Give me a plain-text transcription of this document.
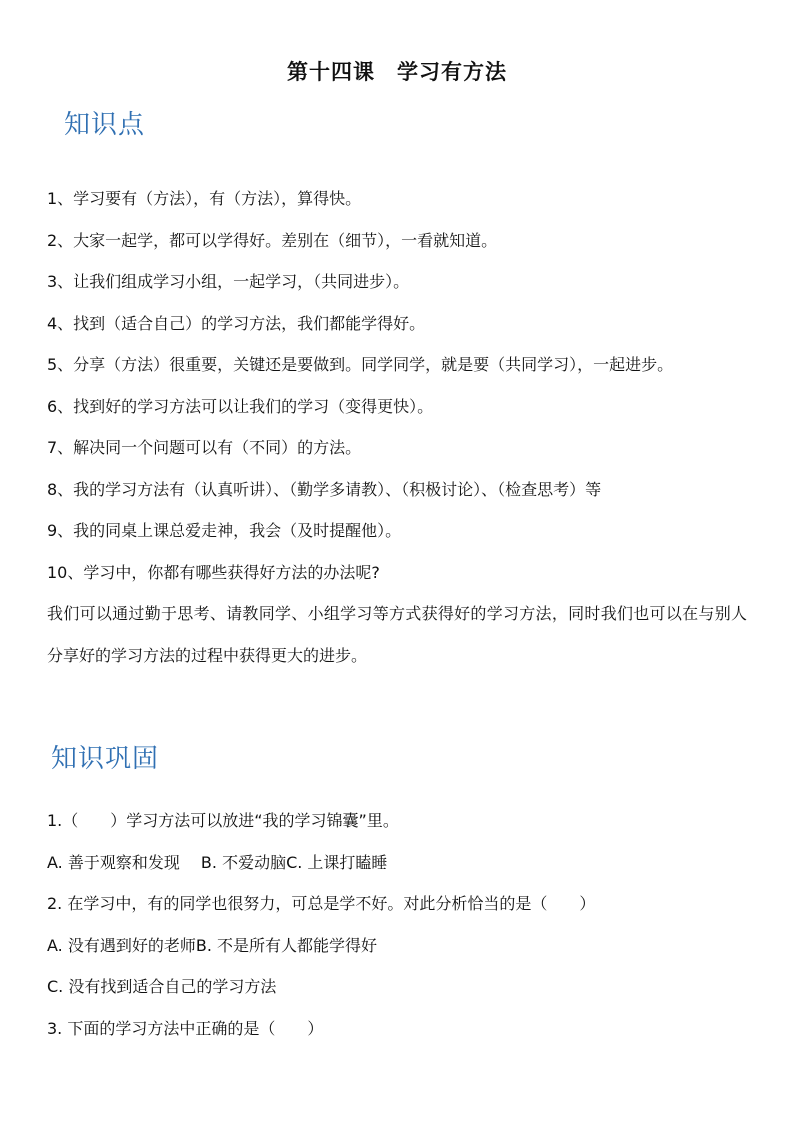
第十四课　学习有方法
知识点

1、学习要有（方法），有（方法），算得快。

2、大家一起学，都可以学得好。差别在（细节），一看就知道。

3、让我们组成学习小组，一起学习，（共同进步）。

4、找到（适合自己）的学习方法，我们都能学得好。

5、分享（方法）很重要，关键还是要做到。同学同学，就是要（共同学习），一起进步。

6、找到好的学习方法可以让我们的学习（变得更快）。

7、解决同一个问题可以有（不同）的方法。

8、我的学习方法有（认真听讲）、（勤学多请教）、（积极讨论）、（检查思考）等

9、我的同桌上课总爱走神，我会（及时提醒他）。

10、学习中，你都有哪些获得好方法的办法呢?

我们可以通过勤于思考、请教同学、小组学习等方式获得好的学习方法，同时我们也可以在与别人分享好的学习方法的过程中获得更大的进步。

知识巩固

1.（　　）学习方法可以放进“我的学习锦囊”里。

A. 善于观察和发现　 B. 不爱动脑C. 上课打瞌睡

2. 在学习中，有的同学也很努力，可总是学不好。对此分析恰当的是（　　）

A. 没有遇到好的老师B. 不是所有人都能学得好

C. 没有找到适合自己的学习方法

3. 下面的学习方法中正确的是（　　）
